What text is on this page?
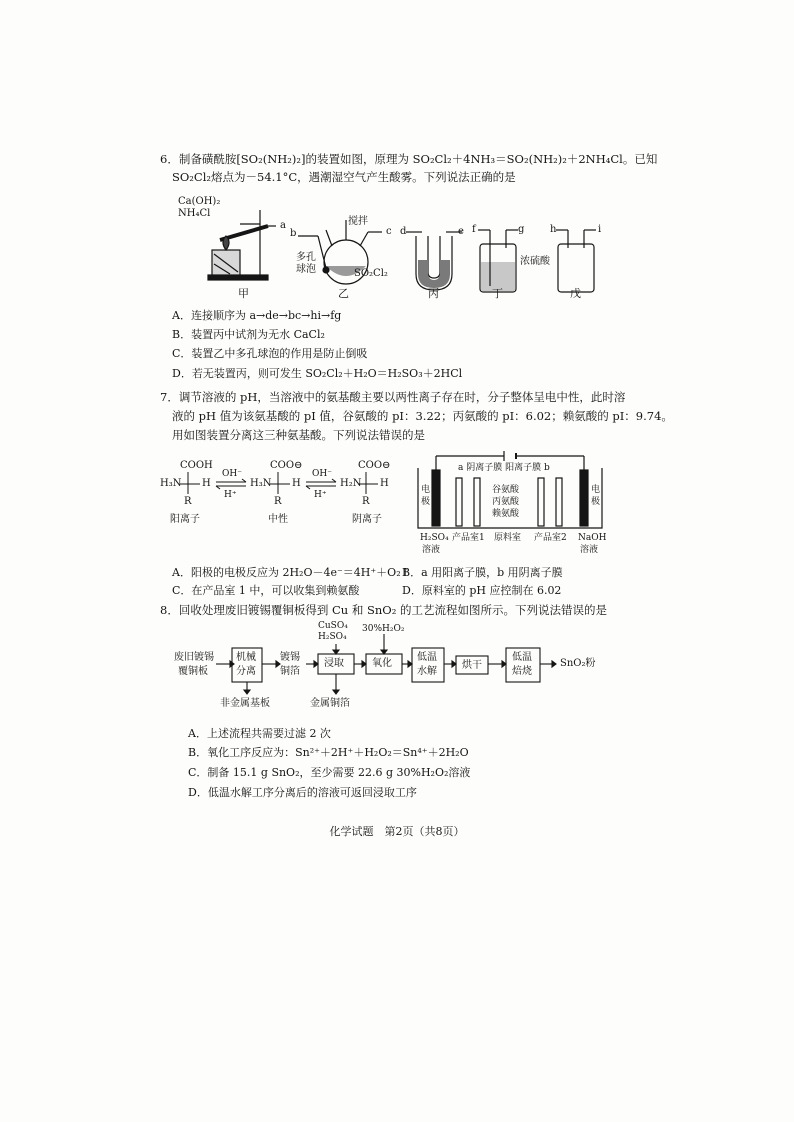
6．制备磺酰胺[SO₂(NH₂)₂]的装置如图，原理为 SO₂Cl₂＋4NH₃＝SO₂(NH₂)₂＋2NH₄Cl。已知
SO₂Cl₂熔点为－54.1°C，遇潮湿空气产生酸雾。下列说法正确的是
Ca(OH)₂
NH₄Cl
a
b	c
搅拌
多孔
球泡	SO₂Cl₂
d	e f	g
浓硫酸
h	i
甲	乙	丙	丁	戊
A．连接顺序为 a→de→bc→hi→fg
B．装置丙中试剂为无水 CaCl₂
C．装置乙中多孔球泡的作用是防止倒吸
D．若无装置丙，则可发生 SO₂Cl₂＋H₂O＝H₂SO₃＋2HCl
7．调节溶液的 pH，当溶液中的氨基酸主要以两性离子存在时，分子整体呈电中性，此时溶
液的 pH 值为该氨基酸的 pI 值，谷氨酸的 pI：3.22；丙氨酸的 pI：6.02；赖氨酸的 pI：9.74。
用如图装置分离这三种氨基酸。下列说法错误的是
COOH	COO⊖	COO⊖
H₃N	H₃N	H₂N
H	H	H
R	R	R
OH⁻
H⁺
OH⁻
H⁺
阳离子	中性	阴离子
a 阴离子膜 阳离子膜 b
电极
电极
谷氨酸
丙氨酸
赖氨酸
H₂SO₄
溶液
产品室1 原料室 产品室2 NaOH
溶液
A．阳极的电极反应为 2H₂O－4e⁻＝4H⁺＋O₂↑
B．a 用阳离子膜，b 用阴离子膜
C．在产品室 1 中，可以收集到赖氨酸	D．原料室的 pH 应控制在 6.02
8．回收处理废旧镀锡覆铜板得到 Cu 和 SnO₂ 的工艺流程如图所示。下列说法错误的是
废旧镀锡
覆铜板
机械
分离
镀锡
铜箔
浸取	氧化
低温
水解
烘干
低温
焙烧
SnO₂粉
CuSO₄
H₂SO₄
30%H₂O₂
非金属基板	金属铜箔
A．上述流程共需要过滤 2 次
B．氧化工序反应为：Sn²⁺＋2H⁺＋H₂O₂＝Sn⁴⁺＋2H₂O
C．制备 15.1 g SnO₂，至少需要 22.6 g 30%H₂O₂溶液
D．低温水解工序分离后的溶液可返回浸取工序
化学试题　第2页（共8页）
